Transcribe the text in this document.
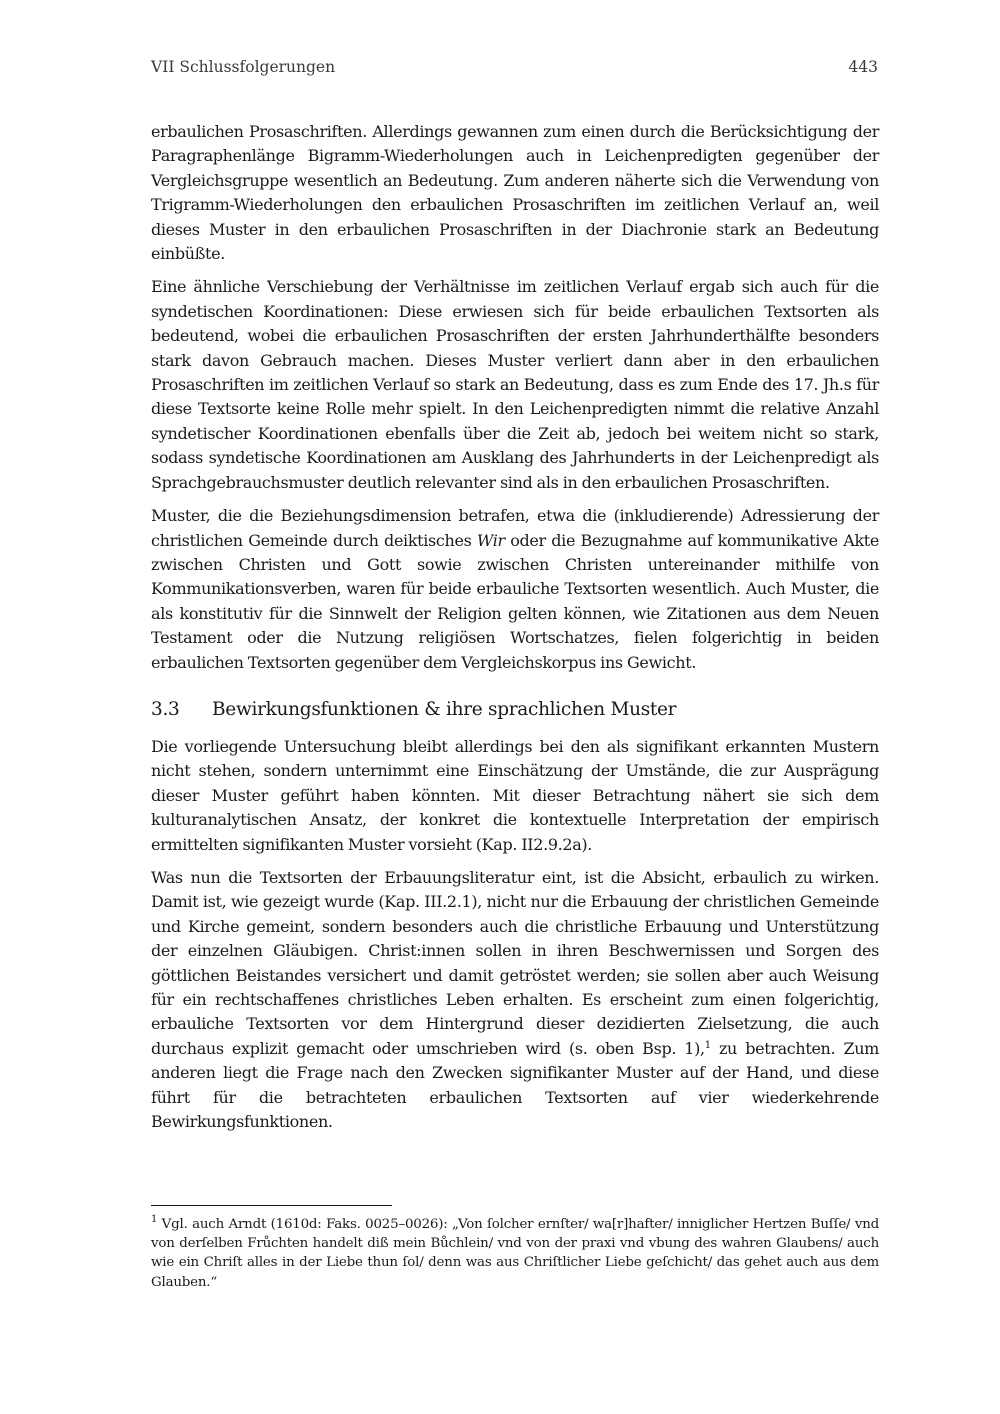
VII Schlussfolgerungen	443

erbaulichen Prosaschriften. Allerdings gewannen zum einen durch die Berücksichtigung der Paragraphenlänge Bigramm-Wiederholungen auch in Leichenpredigten gegenüber der Vergleichsgruppe wesentlich an Bedeutung. Zum anderen näherte sich die Verwendung von Trigramm-Wiederholungen den erbaulichen Prosaschriften im zeitlichen Verlauf an, weil dieses Muster in den erbaulichen Prosaschriften in der Diachronie stark an Bedeutung einbüßte.

Eine ähnliche Verschiebung der Verhältnisse im zeitlichen Verlauf ergab sich auch für die syndetischen Koordinationen: Diese erwiesen sich für beide erbaulichen Textsorten als bedeutend, wobei die erbaulichen Prosaschriften der ersten Jahrhunderthälfte besonders stark davon Gebrauch machen. Dieses Muster verliert dann aber in den erbaulichen Prosaschriften im zeitlichen Verlauf so stark an Bedeutung, dass es zum Ende des 17. Jh.s für diese Textsorte keine Rolle mehr spielt. In den Leichenpredigten nimmt die relative Anzahl syndetischer Koordinationen ebenfalls über die Zeit ab, jedoch bei weitem nicht so stark, sodass syndetische Koordinationen am Ausklang des Jahrhunderts in der Leichenpredigt als Sprachgebrauchsmuster deutlich relevanter sind als in den erbaulichen Prosaschriften.

Muster, die die Beziehungsdimension betrafen, etwa die (inkludierende) Adressierung der christlichen Gemeinde durch deiktisches Wir oder die Bezugnahme auf kommunikative Akte zwischen Christen und Gott sowie zwischen Christen untereinander mithilfe von Kommunikationsverben, waren für beide erbauliche Textsorten wesentlich. Auch Muster, die als konstitutiv für die Sinnwelt der Religion gelten können, wie Zitationen aus dem Neuen Testament oder die Nutzung religiösen Wortschatzes, fielen folgerichtig in beiden erbaulichen Textsorten gegenüber dem Vergleichskorpus ins Gewicht.

3.3	Bewirkungsfunktionen & ihre sprachlichen Muster

Die vorliegende Untersuchung bleibt allerdings bei den als signifikant erkannten Mustern nicht stehen, sondern unternimmt eine Einschätzung der Umstände, die zur Ausprägung dieser Muster geführt haben könnten. Mit dieser Betrachtung nähert sie sich dem kulturanalytischen Ansatz, der konkret die kontextuelle Interpretation der empirisch ermittelten signifikanten Muster vorsieht (Kap. II2.9.2a).

Was nun die Textsorten der Erbauungsliteratur eint, ist die Absicht, erbaulich zu wirken. Damit ist, wie gezeigt wurde (Kap. III.2.1), nicht nur die Erbauung der christlichen Gemeinde und Kirche gemeint, sondern besonders auch die christliche Erbauung und Unterstützung der einzelnen Gläubigen. Christ:innen sollen in ihren Beschwernissen und Sorgen des göttlichen Beistandes versichert und damit getröstet werden; sie sollen aber auch Weisung für ein rechtschaffenes christliches Leben erhalten. Es erscheint zum einen folgerichtig, erbauliche Textsorten vor dem Hintergrund dieser dezidierten Zielsetzung, die auch durchaus explizit gemacht oder umschrieben wird (s. oben Bsp. 1),$^1$ zu betrachten. Zum anderen liegt die Frage nach den Zwecken signifikanter Muster auf der Hand, und diese führt für die betrachteten erbaulichen Textsorten auf vier wiederkehrende Bewirkungsfunktionen.

$^1$ Vgl. auch Arndt (1610d: Faks. 0025–0026): „Von ſolcher ernſter/ wa[r]hafter/ inniglicher Hertzen Buſſe/ vnd von derſelben Frůchten handelt diß mein Bůchlein/ vnd von der praxi vnd vbung des wahren Glaubens/ auch wie ein Chriſt alles in der Liebe thun ſol/ denn was aus Chriſtlicher Liebe geſchicht/ das gehet auch aus dem Glauben.“
